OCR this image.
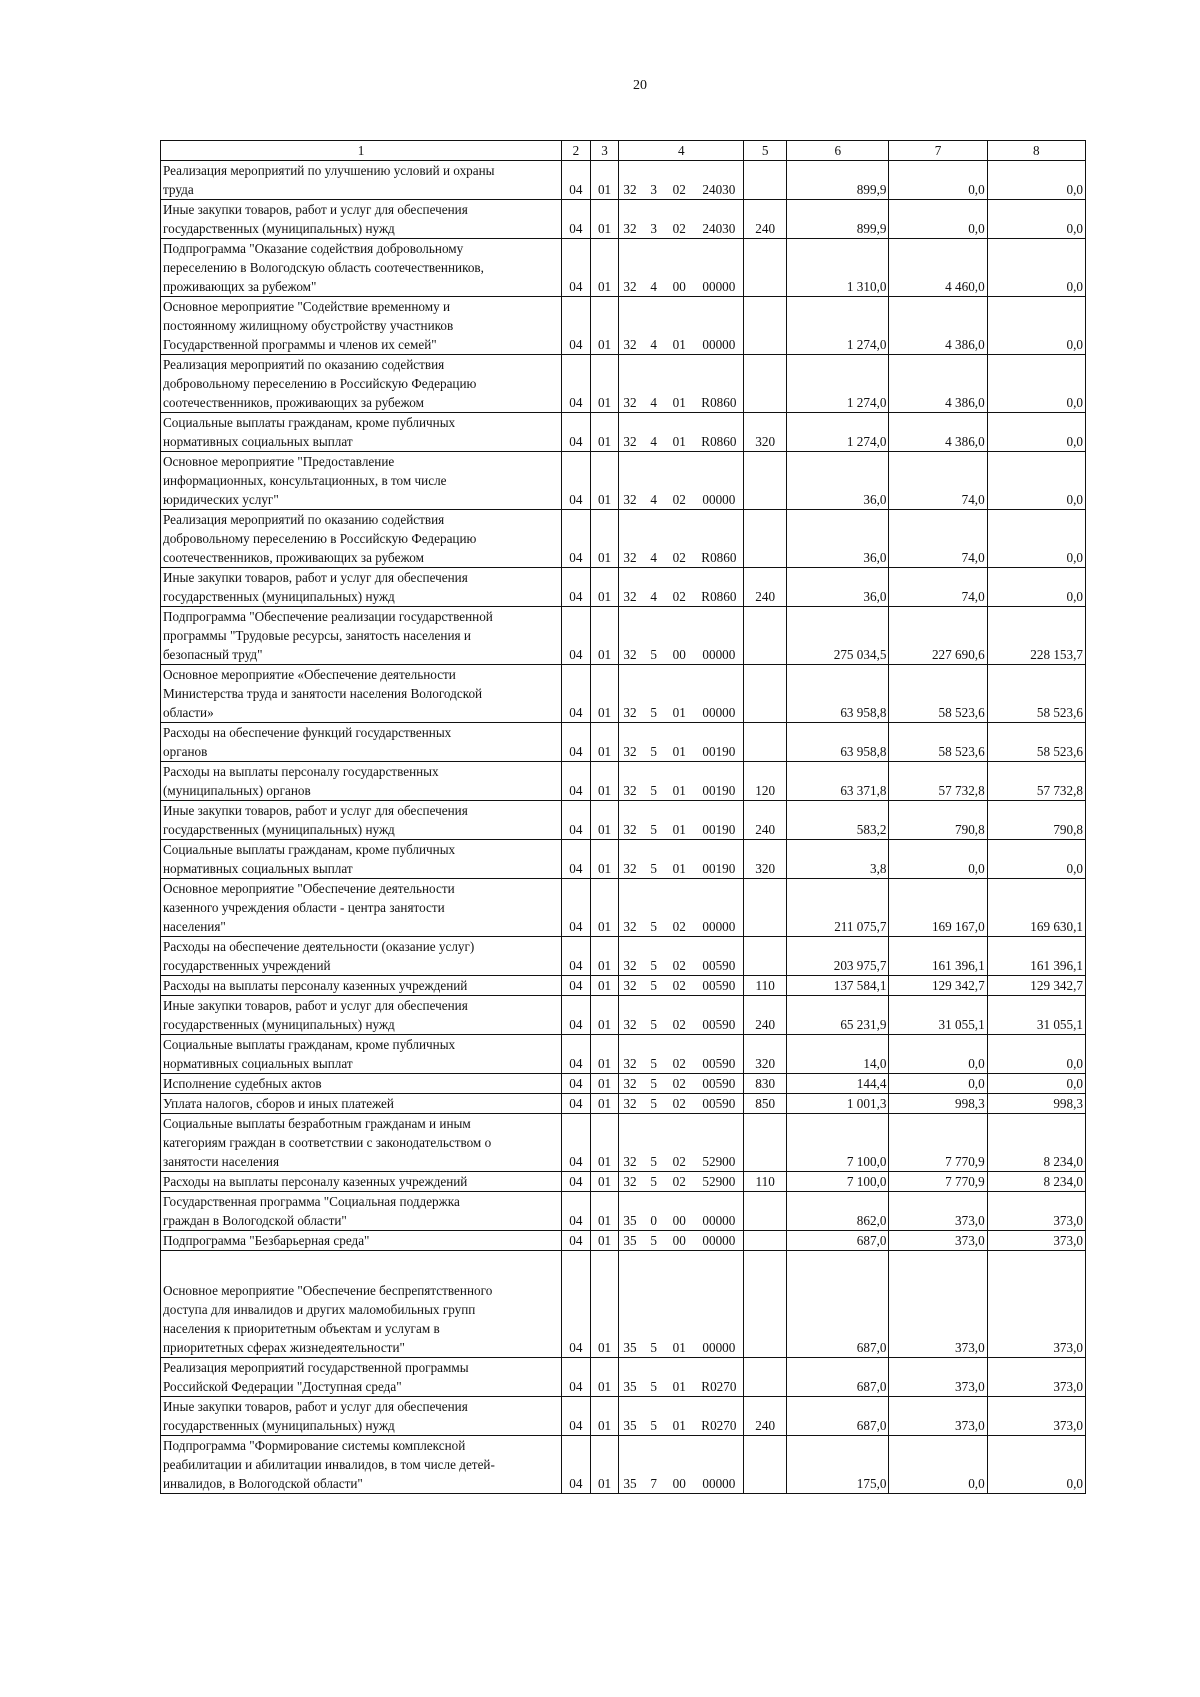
20
1	2	3	4				5	6	7	8

Реализация мероприятий по улучшению условий и охраны
труда	04	01	32	3	02	24030		899,9	0,0	0,0

Иные закупки товаров, работ и услуг для обеспечения
государственных (муниципальных) нужд	04	01	32	3	02	24030	240	899,9	0,0	0,0

Подпрограмма "Оказание содействия добровольному
переселению в Вологодскую область соотечественников,
проживающих за рубежом"	04	01	32	4	00	00000		1 310,0	4 460,0	0,0

Основное мероприятие "Содействие временному и
постоянному жилищному обустройству участников
Государственной программы и членов их семей"	04	01	32	4	01	00000		1 274,0	4 386,0	0,0

Реализация мероприятий по оказанию содействия
добровольному переселению в Российскую Федерацию
соотечественников, проживающих за рубежом	04	01	32	4	01	R0860		1 274,0	4 386,0	0,0

Социальные выплаты гражданам, кроме публичных
нормативных социальных выплат	04	01	32	4	01	R0860	320	1 274,0	4 386,0	0,0

Основное мероприятие "Предоставление
информационных, консультационных, в том числе
юридических услуг"	04	01	32	4	02	00000		36,0	74,0	0,0

Реализация мероприятий по оказанию содействия
добровольному переселению в Российскую Федерацию
соотечественников, проживающих за рубежом	04	01	32	4	02	R0860		36,0	74,0	0,0

Иные закупки товаров, работ и услуг для обеспечения
государственных (муниципальных) нужд	04	01	32	4	02	R0860	240	36,0	74,0	0,0

Подпрограмма "Обеспечение реализации государственной
программы "Трудовые ресурсы, занятость населения и
безопасный труд"	04	01	32	5	00	00000		275 034,5	227 690,6	228 153,7

Основное мероприятие «Обеспечение деятельности
Министерства труда и занятости населения Вологодской
области»	04	01	32	5	01	00000		63 958,8	58 523,6	58 523,6

Расходы на обеспечение функций государственных
органов	04	01	32	5	01	00190		63 958,8	58 523,6	58 523,6

Расходы на выплаты персоналу государственных
(муниципальных) органов	04	01	32	5	01	00190	120	63 371,8	57 732,8	57 732,8

Иные закупки товаров, работ и услуг для обеспечения
государственных (муниципальных) нужд	04	01	32	5	01	00190	240	583,2	790,8	790,8

Социальные выплаты гражданам, кроме публичных
нормативных социальных выплат	04	01	32	5	01	00190	320	3,8	0,0	0,0

Основное мероприятие "Обеспечение деятельности
казенного учреждения области - центра занятости
населения"	04	01	32	5	02	00000		211 075,7	169 167,0	169 630,1

Расходы на обеспечение деятельности (оказание услуг)
государственных учреждений	04	01	32	5	02	00590		203 975,7	161 396,1	161 396,1

Расходы на выплаты персоналу казенных учреждений	04	01	32	5	02	00590	110	137 584,1	129 342,7	129 342,7

Иные закупки товаров, работ и услуг для обеспечения
государственных (муниципальных) нужд	04	01	32	5	02	00590	240	65 231,9	31 055,1	31 055,1

Социальные выплаты гражданам, кроме публичных
нормативных социальных выплат	04	01	32	5	02	00590	320	14,0	0,0	0,0

Исполнение судебных актов	04	01	32	5	02	00590	830	144,4	0,0	0,0

Уплата налогов, сборов и иных платежей	04	01	32	5	02	00590	850	1 001,3	998,3	998,3

Социальные выплаты безработным гражданам и иным
категориям граждан в соответствии с законодательством о
занятости населения	04	01	32	5	02	52900		7 100,0	7 770,9	8 234,0

Расходы на выплаты персоналу казенных учреждений	04	01	32	5	02	52900	110	7 100,0	7 770,9	8 234,0

Государственная программа "Социальная поддержка
граждан в Вологодской области"	04	01	35	0	00	00000		862,0	373,0	373,0

Подпрограмма "Безбарьерная среда"	04	01	35	5	00	00000		687,0	373,0	373,0

Основное мероприятие "Обеспечение беспрепятственного
доступа для инвалидов и других маломобильных групп
населения к приоритетным объектам и услугам в
приоритетных сферах жизнедеятельности"	04	01	35	5	01	00000		687,0	373,0	373,0

Реализация мероприятий государственной программы
Российской Федерации "Доступная среда"	04	01	35	5	01	R0270		687,0	373,0	373,0

Иные закупки товаров, работ и услуг для обеспечения
государственных (муниципальных) нужд	04	01	35	5	01	R0270	240	687,0	373,0	373,0

Подпрограмма "Формирование системы комплексной
реабилитации и абилитации инвалидов, в том числе детей-
инвалидов, в Вологодской области"	04	01	35	7	00	00000		175,0	0,0	0,0
